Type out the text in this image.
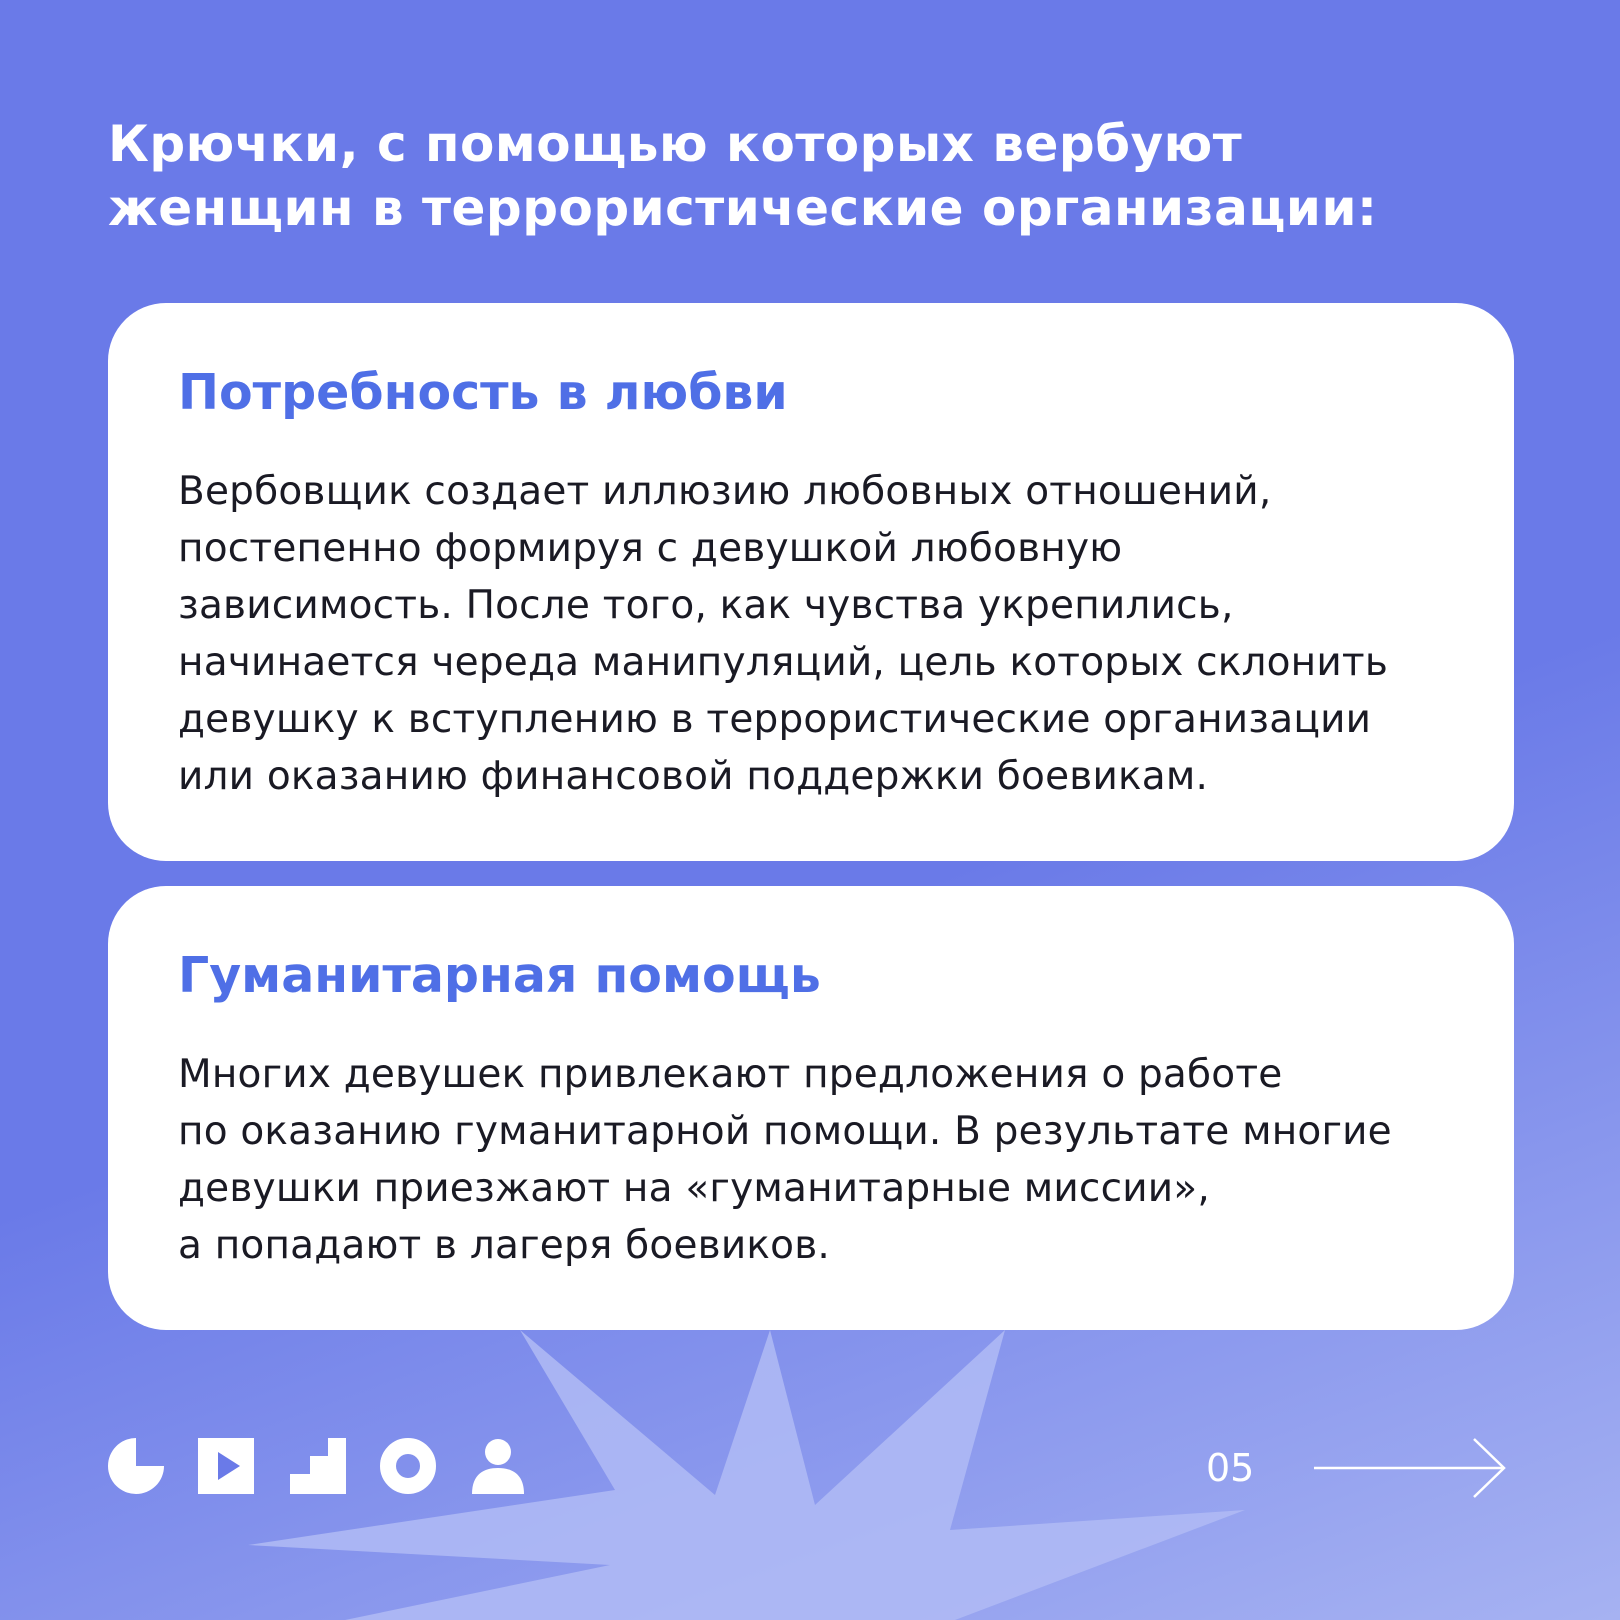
Крючки, с помощью которых вербуют
женщин в террористические организации:
Потребность в любви
Вербовщик создает иллюзию любовных отношений,
постепенно формируя с девушкой любовную
зависимость. После того, как чувства укрепились,
начинается череда манипуляций, цель которых склонить
девушку к вступлению в террористические организации
или оказанию финансовой поддержки боевикам.
Гуманитарная помощь
Многих девушек привлекают предложения о работе
по оказанию гуманитарной помощи. В результате многие
девушки приезжают на «гуманитарные миссии»,
а попадают в лагеря боевиков.
05
